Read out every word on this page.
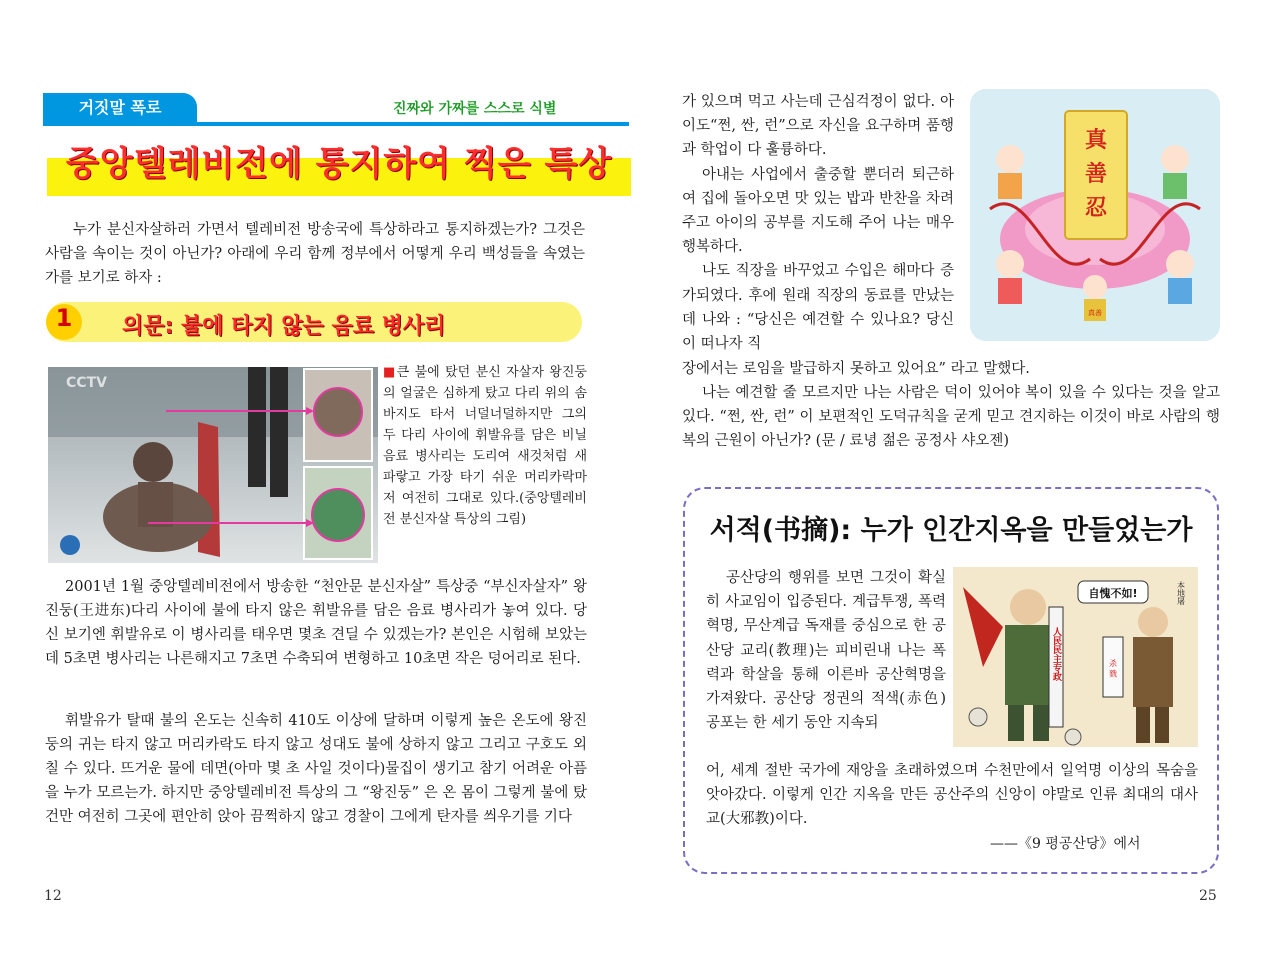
거짓말 폭로	진짜와 가짜를 스스로 식별
중앙텔레비전에 통지하여 찍은 특상

누가 분신자살하러 가면서 텔레비전 방송국에 특상하라고 통지하겠는가? 그것은 사람을 속이는 것이 아닌가? 아래에 우리 함께 정부에서 어떻게 우리 백성들을 속였는가를 보기로 하자 :

1	의문: 불에 타지 않는 음료 병사리
CCTV

■큰 불에 탔던 분신 자살자 왕진둥의 얼굴은 심하게 탔고 다리 위의 솜 바지도 타서 너덜너덜하지만 그의 두 다리 사이에 휘발유를 담은 비닐음료 병사리는 도리여 새것처럼 새파랗고 가장 타기 쉬운 머리카락마저 여전히 그대로 있다.(중앙텔레비전 분신자살 특상의 그림)

2001년 1월 중앙텔레비전에서 방송한 “천안문 분신자살” 특상중 “부신자살자” 왕진둥(王进东)다리 사이에 불에 타지 않은 휘발유를 담은 음료 병사리가 놓여 있다. 당신 보기엔 휘발유로 이 병사리를 태우면 몇초 견딜 수 있겠는가? 본인은 시험해 보았는데 5초면 병사리는 나른해지고 7초면 수축되여 변형하고 10초면 작은 덩어리로 된다.

휘발유가 탈때 불의 온도는 신속히 410도 이상에 달하며 이렇게 높은 온도에 왕진둥의 귀는 타지 않고 머리카락도 타지 않고 성대도 불에 상하지 않고 그리고 구호도 외칠 수 있다. 뜨거운 물에 데면(아마 몇 초 사일 것이다)물집이 생기고 참기 어려운 아픔을 누가 모르는가. 하지만 중앙텔레비전 특상의 그 “왕진둥” 은 온 몸이 그렇게 불에 탔건만 여전히 그곳에 편안히 앉아 끔쩍하지 않고 경찰이 그에게 탄자를 씌우기를 기다

12

가 있으며 먹고 사는데 근심걱정이 없다. 아이도“쩐, 싼, 런”으로 자신을 요구하며 품행과 학업이 다 훌륭하다.
아내는 사업에서 출중할 뿐더러 퇴근하여 집에 돌아오면 맛 있는 밥과 반찬을 차려주고 아이의 공부를 지도해 주어 나는 매우 행복하다.
나도 직장을 바꾸었고 수입은 해마다 증가되였다. 후에 원래 직장의 동료를 만났는데 나와 : “당신은 예견할 수 있나요? 당신이 떠나자 직

真
善
忍
真善

장에서는 로임을 발급하지 못하고 있어요” 라고 말했다.
나는 예견할 줄 모르지만 나는 사람은 덕이 있어야 복이 있을 수 있다는 것을 알고 있다. “쩐, 싼, 런” 이 보편적인 도덕규칙을 굳게 믿고 견지하는 이것이 바로 사람의 행복의 근원이 아닌가? (문 / 료녕 젊은 공정사 샤오젠)

서적(书摘): 누가 인간지옥을 만들었는가

공산당의 행위를 보면 그것이 확실히 사교임이 입증된다. 계급투쟁, 폭력혁명, 무산계급 독재를 중심으로 한 공산당 교리(教理)는 피비린내 나는 폭력과 학살을 통해 이른바 공산혁명을 가져왔다. 공산당 정권의 적색(赤色) 공포는 한 세기 동안 지속되

自愧不如!
人民民主专政	杀 戮
本地屠

어, 세계 절반 국가에 재앙을 초래하였으며 수천만에서 일억명 이상의 목숨을 앗아갔다. 이렇게 인간 지옥을 만든 공산주의 신앙이 야말로 인류 최대의 대사교(大邪教)이다.

——《9 평공산당》에서
25
